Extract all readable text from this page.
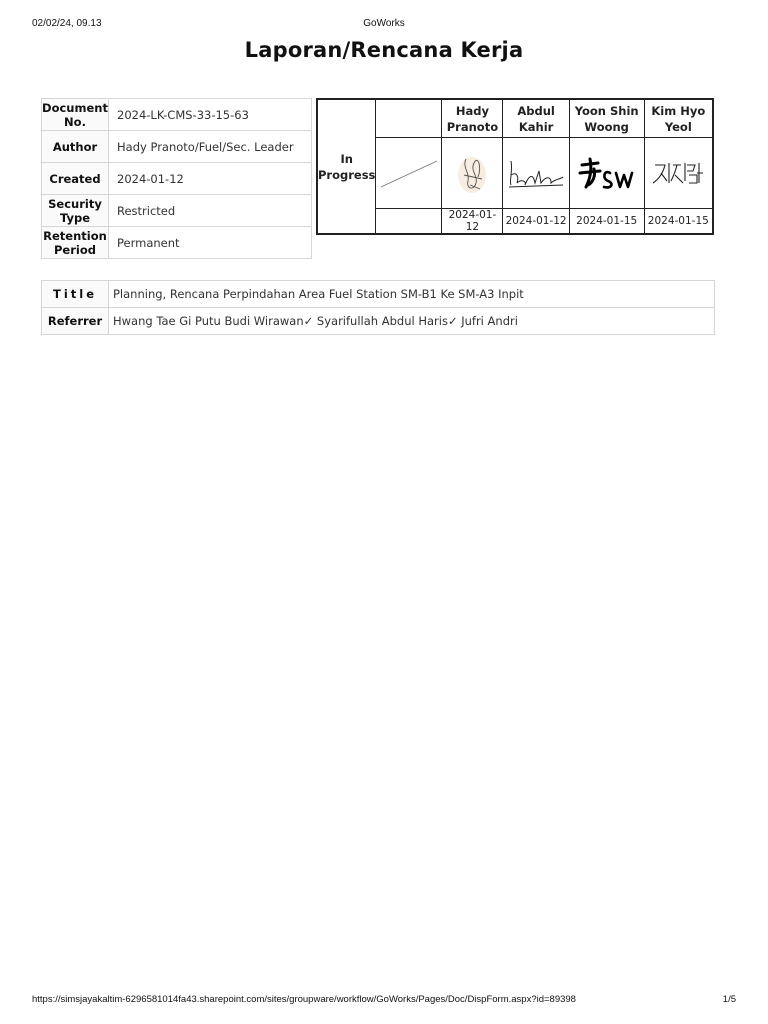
02/02/24, 09.13	GoWorks
Laporan/Rencana Kerja
Document No.	2024-LK-CMS-33-15-63
Author	Hady Pranoto/Fuel/Sec. Leader
Created	2024-01-12
Security Type	Restricted
Retention Period	Permanent
In Progress		Hady Pranoto	Abdul Kahir	Yoon Shin Woong	Kim Hyo Yeol

		2024-01-12	2024-01-12	2024-01-15	2024-01-15
Title	Planning, Rencana Perpindahan Area Fuel Station SM-B1 Ke SM-A3 Inpit
Referrer	Hwang Tae Gi Putu Budi Wirawan✓ Syarifullah Abdul Haris✓ Jufri Andri
https://simsjayakaltim-6296581014fa43.sharepoint.com/sites/groupware/workflow/GoWorks/Pages/Doc/DispForm.aspx?id=89398	1/5
